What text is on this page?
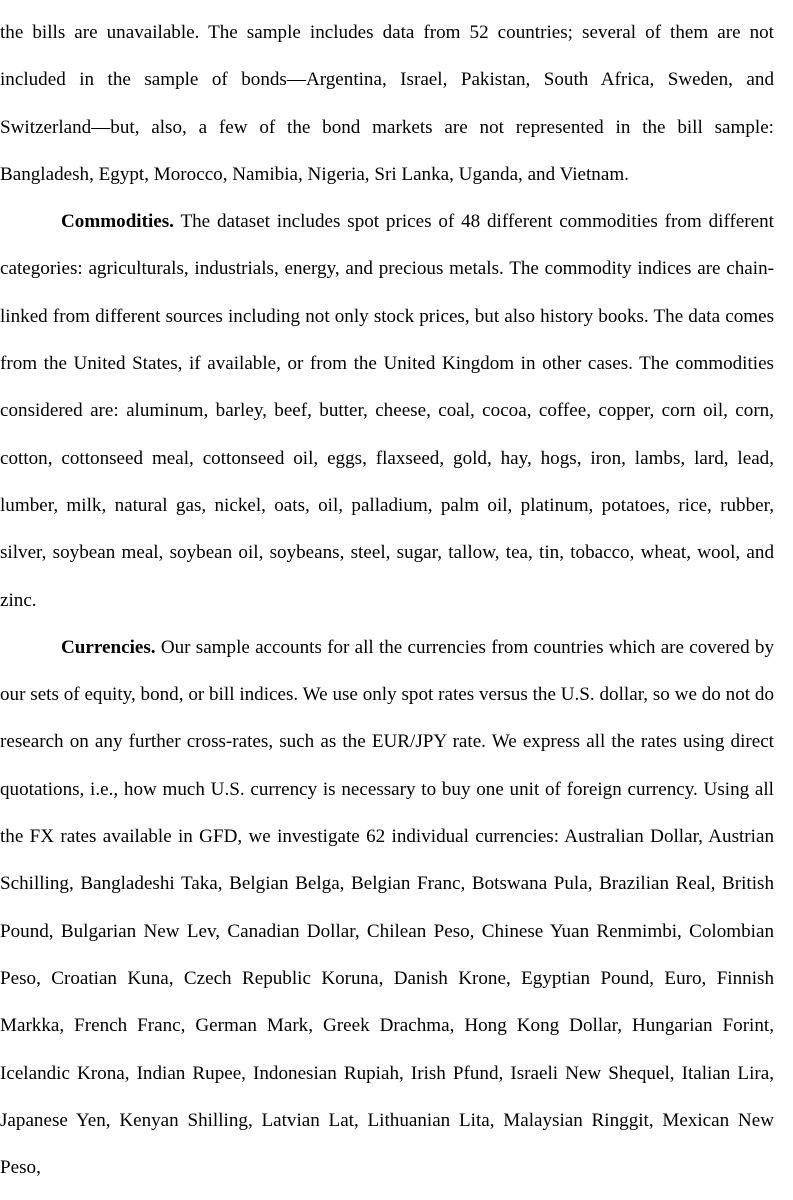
the bills are unavailable. The sample includes data from 52 countries; several of them are not included in the sample of bonds—Argentina, Israel, Pakistan, South Africa, Sweden, and Switzerland—but, also, a few of the bond markets are not represented in the bill sample: Bangladesh, Egypt, Morocco, Namibia, Nigeria, Sri Lanka, Uganda, and Vietnam.

Commodities. The dataset includes spot prices of 48 different commodities from different categories: agriculturals, industrials, energy, and precious metals. The commodity indices are chain-linked from different sources including not only stock prices, but also history books. The data comes from the United States, if available, or from the United Kingdom in other cases. The commodities considered are: aluminum, barley, beef, butter, cheese, coal, cocoa, coffee, copper, corn oil, corn, cotton, cottonseed meal, cottonseed oil, eggs, flaxseed, gold, hay, hogs, iron, lambs, lard, lead, lumber, milk, natural gas, nickel, oats, oil, palladium, palm oil, platinum, potatoes, rice, rubber, silver, soybean meal, soybean oil, soybeans, steel, sugar, tallow, tea, tin, tobacco, wheat, wool, and zinc.

Currencies. Our sample accounts for all the currencies from countries which are covered by our sets of equity, bond, or bill indices. We use only spot rates versus the U.S. dollar, so we do not do research on any further cross-rates, such as the EUR/JPY rate. We express all the rates using direct quotations, i.e., how much U.S. currency is necessary to buy one unit of foreign currency. Using all the FX rates available in GFD, we investigate 62 individual currencies: Australian Dollar, Austrian Schilling, Bangladeshi Taka, Belgian Belga, Belgian Franc, Botswana Pula, Brazilian Real, British Pound, Bulgarian New Lev, Canadian Dollar, Chilean Peso, Chinese Yuan Renmimbi, Colombian Peso, Croatian Kuna, Czech Republic Koruna, Danish Krone, Egyptian Pound, Euro, Finnish Markka, French Franc, German Mark, Greek Drachma, Hong Kong Dollar, Hungarian Forint, Icelandic Krona, Indian Rupee, Indonesian Rupiah, Irish Pfund, Israeli New Shequel, Italian Lira, Japanese Yen, Kenyan Shilling, Latvian Lat, Lithuanian Lita, Malaysian Ringgit, Mexican New Peso,
